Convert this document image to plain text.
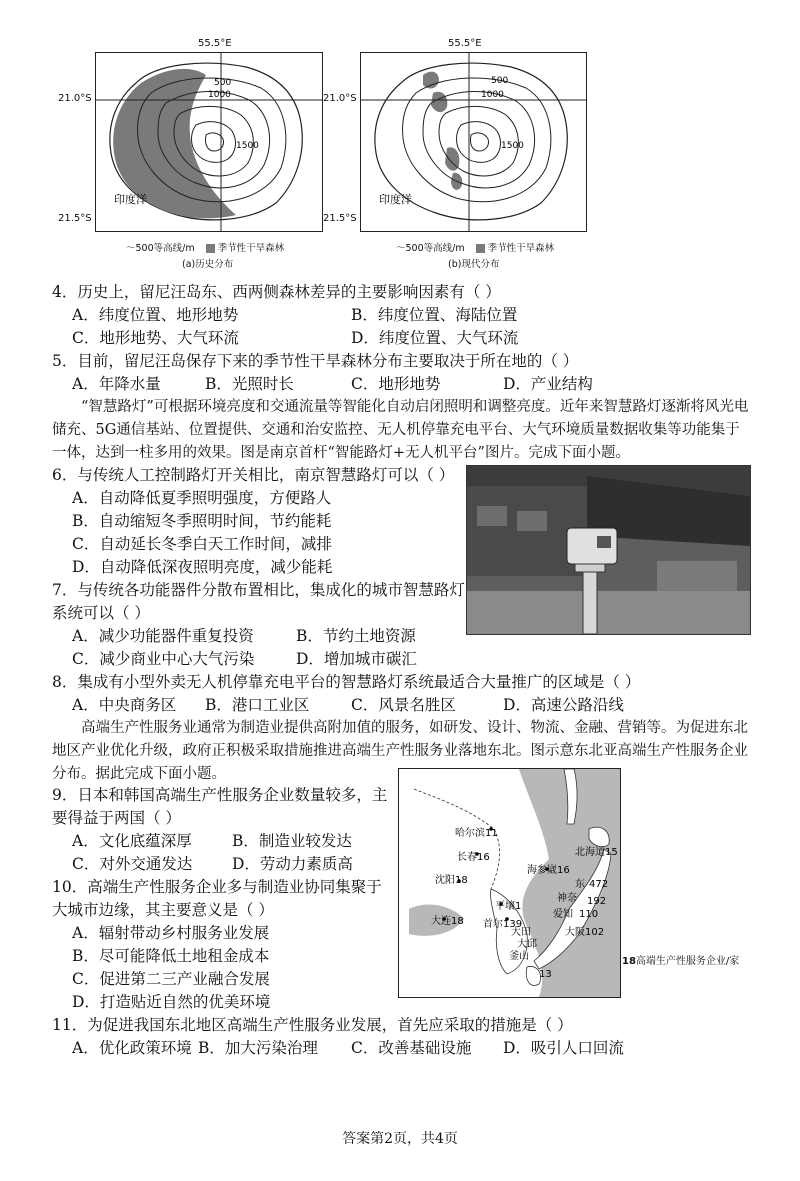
500
1000
1500
印度洋
55.5°E
21.0°S
21.5°S
〜500等高线/m 季节性干旱森林
(a)历史分布
500
1000
1500
印度洋
55.5°E
21.0°S
21.5°S
〜500等高线/m 季节性干旱森林
(b)现代分布
4．历史上，留尼汪岛东、西两侧森林差异的主要影响因素有（ ）
A．纬度位置、地形地势	B．纬度位置、海陆位置
C．地形地势、大气环流	D．纬度位置、大气环流
5．目前，留尼汪岛保存下来的季节性干旱森林分布主要取决于所在地的（ ）
A．年降水量	B．光照时长	C．地形地势	D．产业结构
“智慧路灯”可根据环境亮度和交通流量等智能化自动启闭照明和调整亮度。近年来智慧路灯逐渐将风光电储充、5G通信基站、位置提供、交通和治安监控、无人机停靠充电平台、大气环境质量数据收集等功能集于一体，达到一柱多用的效果。图是南京首杆“智能路灯+无人机平台”图片。完成下面小题。
6．与传统人工控制路灯开关相比，南京智慧路灯可以（ ）
A．自动降低夏季照明强度，方便路人
B．自动缩短冬季照明时间，节约能耗
C．自动延长冬季白天工作时间，减排
D．自动降低深夜照明亮度，减少能耗
7．与传统各功能器件分散布置相比，集成化的城市智慧路灯
系统可以（ ）
A．减少功能器件重复投资	B．节约土地资源
C．减少商业中心大气污染	D．增加城市碳汇
8．集成有小型外卖无人机停靠充电平台的智慧路灯系统最适合大量推广的区域是（ ）
A．中央商务区 B．港口工业区	C．风景名胜区	D．高速公路沿线
高端生产性服务业通常为制造业提供高附加值的服务，如研发、设计、物流、金融、营销等。为促进东北地区产业优化升级，政府正积极采取措施推进高端生产性服务业落地东北。图示意东北亚高端生产性服务企业分布。据此完成下面小题。
9．日本和韩国高端生产性服务企业数量较多，主
要得益于两国（ ）
A．文化底蕴深厚	B．制造业较发达
C．对外交通发达	D．劳动力素质高
10．高端生产性服务企业多与制造业协同集聚于
大城市边缘，其主要意义是（ ）
A．辐射带动乡村服务业发展
B．尽可能降低土地租金成本
C．促进第二三产业融合发展
D．打造贴近自然的优美环境
11．为促进我国东北地区高端生产性服务业发展，首先应采取的措施是（ ）
A．优化政策环境 B．加大污染治理 C．改善基础设施 D．吸引人口回流
哈尔滨11
长春16
沈阳18
大连18
平壤1
首尔139
大田
大邱
釜山
13
海参崴16
北海道15
东 472
神奈 192
爱知 110
大阪102
18高端生产性服务企业/家
答案第2页，共4页
